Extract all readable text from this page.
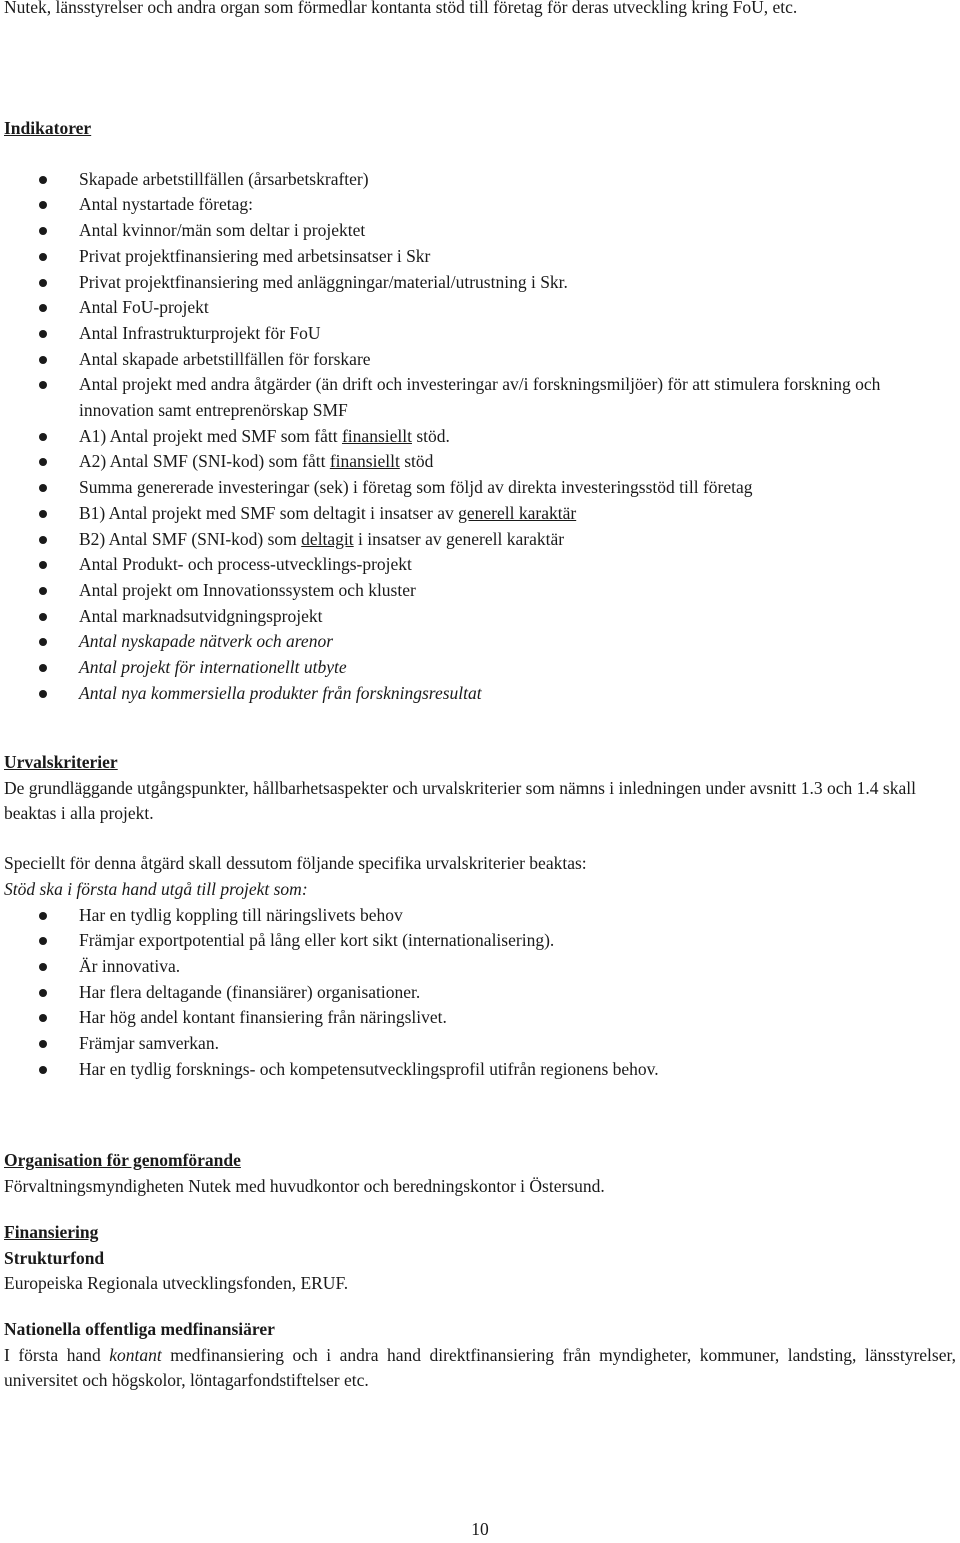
Nutek, länsstyrelser och andra organ som förmedlar kontanta stöd till företag för deras utveckling kring FoU, etc.

Indikatorer

Skapade arbetstillfällen (årsarbetskrafter)
Antal nystartade företag:
Antal kvinnor/män som deltar i projektet
Privat projektfinansiering med arbetsinsatser i Skr
Privat projektfinansiering med anläggningar/material/utrustning i Skr.
Antal FoU-projekt
Antal Infrastrukturprojekt för FoU
Antal skapade arbetstillfällen för forskare
Antal projekt med andra åtgärder (än drift och investeringar av/i forskningsmiljöer) för att stimulera forskning och innovation samt entreprenörskap SMF
A1) Antal projekt med SMF som fått finansiellt stöd.
A2) Antal SMF (SNI-kod) som fått finansiellt stöd
Summa genererade investeringar (sek) i företag som följd av direkta investeringsstöd till företag
B1) Antal projekt med SMF som deltagit i insatser av generell karaktär
B2) Antal SMF (SNI-kod) som deltagit i insatser av generell karaktär
Antal Produkt- och process-utvecklings-projekt
Antal projekt om Innovationssystem och kluster
Antal marknadsutvidgningsprojekt
Antal nyskapade nätverk och arenor
Antal projekt för internationellt utbyte
Antal nya kommersiella produkter från forskningsresultat

Urvalskriterier

De grundläggande utgångspunkter, hållbarhetsaspekter och urvalskriterier som nämns i inledningen under avsnitt 1.3 och 1.4 skall beaktas i alla projekt.

Speciellt för denna åtgärd skall dessutom följande specifika urvalskriterier beaktas:

Stöd ska i första hand utgå till projekt som:

Har en tydlig koppling till näringslivets behov
Främjar exportpotential på lång eller kort sikt (internationalisering).
Är innovativa.
Har flera deltagande (finansiärer) organisationer.
Har hög andel kontant finansiering från näringslivet.
Främjar samverkan.
Har en tydlig forsknings- och kompetensutvecklingsprofil utifrån regionens behov.

Organisation för genomförande

Förvaltningsmyndigheten Nutek med huvudkontor och beredningskontor i Östersund.

Finansiering

Strukturfond

Europeiska Regionala utvecklingsfonden, ERUF.

Nationella offentliga medfinansiärer

I första hand kontant medfinansiering och i andra hand direktfinansiering från myndigheter, kommuner, landsting, länsstyrelser, universitet och högskolor, löntagarfondstiftelser etc.

10
